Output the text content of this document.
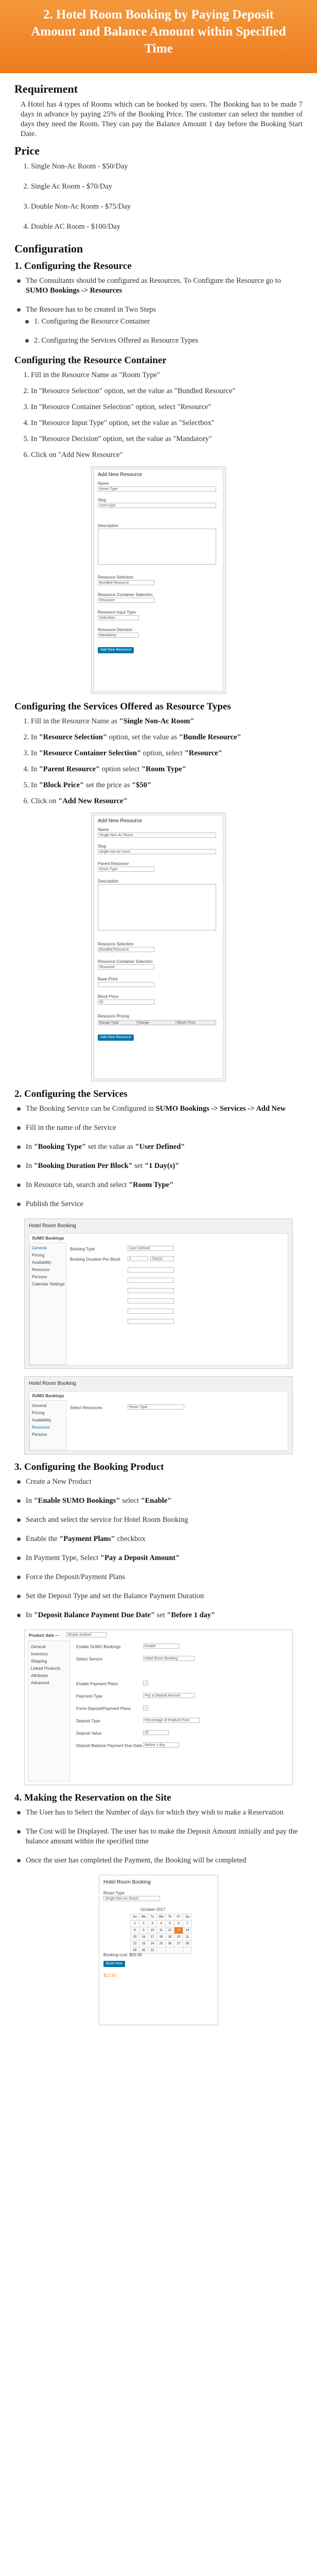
2. Hotel Room Booking by Paying Deposit Amount and Balance Amount within Specified Time
Requirement

A Hotel has 4 types of Rooms which can be booked by users. The Booking has to be made 7 days in advance by paying 25% of the Booking Price. The customer can select the number of days they need the Room. They can pay the Balance Amount 1 day before the Booking Start Date.

Price
1. Single Non-Ac Room - $50/Day
2. Single Ac Room - $70/Day
3. Double Non-Ac Room - $75/Day
4. Double AC Room - $100/Day
Configuration
1. Configuring the Resource
The Consultants should be configured as Resources. To Configure the Resource go to SUMO Bookings -> Resources
The Resoure has to be created in Two Steps
1. Configuring the Resource Container
2. Configuring the Services Offered as Resource Types
Configuring the Resource Container
1. Fill in the Resource Name as "Room Type"
2. In "Resource Selection" option, set the value as "Bundled Resource"
3. In "Resource Container Selection" option, select "Resource"
4. In "Resource Input Type" option, set the value as "Selectbox"
5. In "Resource Decision" option, set the value as "Mandatory"
6. Click on "Add New Resource"
Add New Resource
Name
Room Type
Slug
room-type
Description
Resource Selection
Bundled Resource
Resource Container Selection
Resource
Resource Input Type
Selectbox
Resource Decision
Mandatory
Add New Resource
Configuring the Services Offered as Resource Types
1. Fill in the Resource Name as "Single Non-Ac Room"
2. In "Resource Selection" option, set the value as "Bundle Resource"
3. In "Resource Container Selection" option, select "Resource"
4. In "Parent Resource" option select "Room Type"
5. In "Block Price" set the price as "$50"
6. Click on "Add New Resource"
Add New Resource
Name
Single Non-Ac Room
Slug
single-non-ac-room
Parent Resource
Room Type
Description
Resource Selection
Bundled Resource
Resource Container Selection
Resource
Base Price
Block Price
50
Resource Pricing
Range Type	Range	Block Price
Add New Resource
2. Configuring the Services
The Booking Service can be Configured in SUMO Bookings -> Services -> Add New
Fill in the name of the Service
In "Booking Type" set the value as "User Defined"
In "Booking Duration Per Block" set "1 Day(s)"
In Resource tab, search and select "Room Type"
Publish the Service
Hotel Room Booking
SUMO Bookings
General
Pricing
Availability
Resource
Persons
Calendar Settings
Booking Type	User Defined
Booking Duration Per Block	1	Day(s)
Hotel Room Booking
SUMO Bookings
General
Pricing
Availability
Resource
Persons
Select Resources	Room Type
3. Configuring the Booking Product
Create a New Product
In "Enable SUMO Bookings" select "Enable"
Search and select the service for Hotel Room Booking
Enable the "Payment Plans" checkbox
In Payment Type, Select "Pay a Deposit Amount"
Force the Deposit/Payment Plans
Set the Deposit Type and set the Balance Payment Duration
In "Deposit Balance Payment Due Date" set "Before 1 day"
Product data —	Simple product
General
Inventory
Shipping
Linked Products
Attributes
Advanced
Enable SUMO Bookings	Enable
Select Service	Hotel Room Booking
Enable Payment Plans	✓
Payment Type	Pay a Deposit Amount
Force Deposit/Payment Plans	✓
Deposit Type	Percentage of Product Price
Deposit Value	25
Deposit Balance Payment Due Date Before 1 day
4. Making the Reservation on the Site
The User has to Select the Number of days for which they wish to make a Reservation
The Cost will be Displayed. The user has to make the Deposit Amount initially and pay the balance amount within the specified time
Once the user has completed the Payment, the Booking will be completed
Hotel Room Booking
Room Type
Single Non-Ac Room
October 2017
Su	Mo	Tu	We	Th	Fr	Sa
1	2	3	4	5	6	7
8	9	10	11	12	13	14
15	16	17	18	19	20	21
22	23	24	25	26	27	28
29	30	31				
Booking cost: $50.00
Book Now
$12.50
